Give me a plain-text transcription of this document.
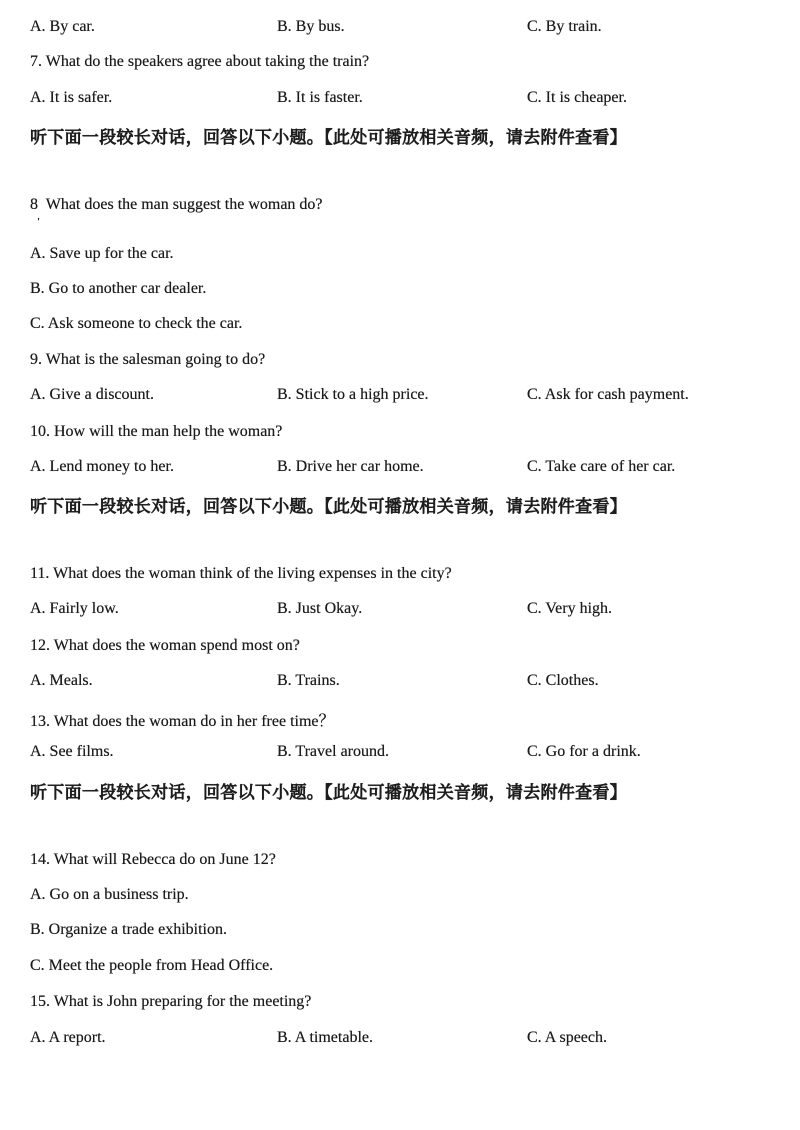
A. By car.	B. By bus.	C. By train.
7. What do the speakers agree about taking the train?
A. It is safer.	B. It is faster.	C. It is cheaper.
听下面一段较长对话，回答以下小题。【此处可播放相关音频，请去附件查看】
8  What does the man suggest the woman do?
'
A. Save up for the car.
B. Go to another car dealer.
C. Ask someone to check the car.
9. What is the salesman going to do?
A. Give a discount.	B. Stick to a high price.	C. Ask for cash payment.
10. How will the man help the woman?
A. Lend money to her.	B. Drive her car home.	C. Take care of her car.
听下面一段较长对话，回答以下小题。【此处可播放相关音频，请去附件查看】
11. What does the woman think of the living expenses in the city?
A. Fairly low.	B. Just Okay.	C. Very high.
12. What does the woman spend most on?
A. Meals.	B. Trains.	C. Clothes.
13. What does the woman do in her free time？
A. See films.	B. Travel around.	C. Go for a drink.
听下面一段较长对话，回答以下小题。【此处可播放相关音频，请去附件查看】
14. What will Rebecca do on June 12?
A. Go on a business trip.
B. Organize a trade exhibition.
C. Meet the people from Head Office.
15. What is John preparing for the meeting?
A. A report.	B. A timetable.	C. A speech.
